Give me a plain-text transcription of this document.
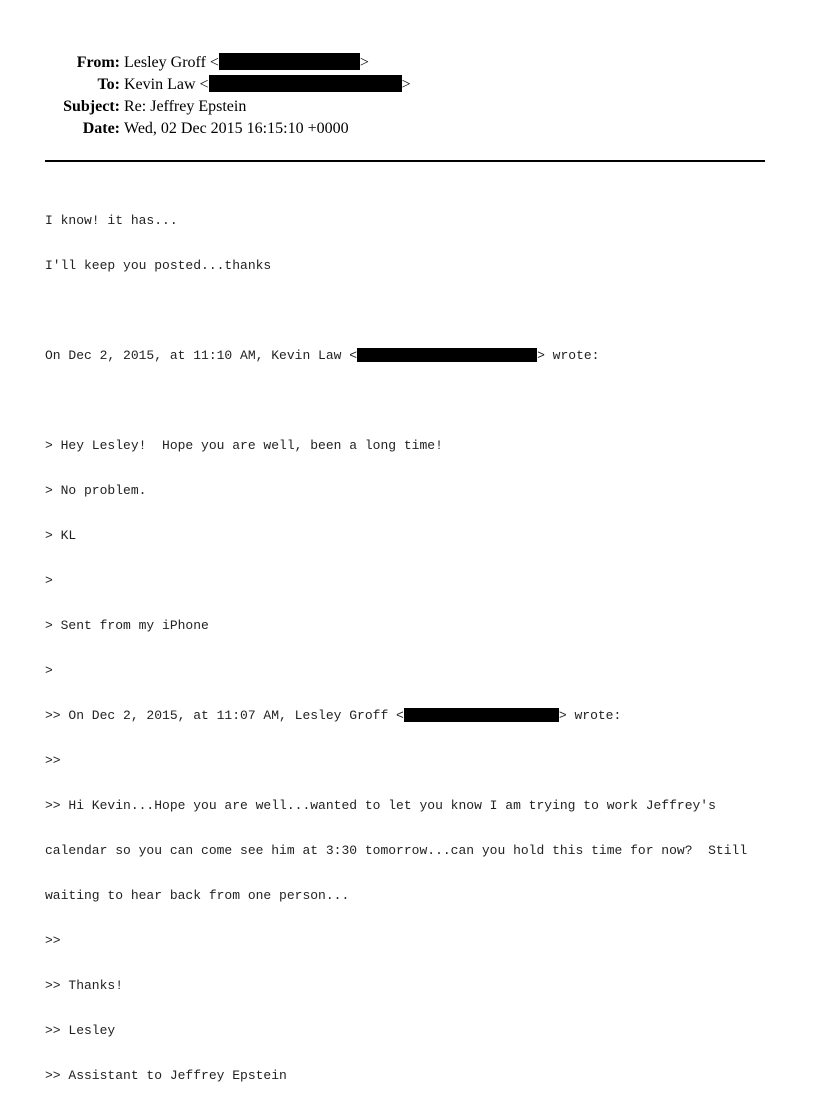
From: Lesley Groff <	>
To: Kevin Law <	>
Subject: Re: Jeffrey Epstein
Date: Wed, 02 Dec 2015 16:15:10 +0000

I know! it has...

I'll keep you posted...thanks

On Dec 2, 2015, at 11:10 AM, Kevin Law <	> wrote:

> Hey Lesley!  Hope you are well, been a long time!

> No problem.

> KL

>

> Sent from my iPhone

>

>> On Dec 2, 2015, at 11:07 AM, Lesley Groff <	> wrote:

>>

>> Hi Kevin...Hope you are well...wanted to let you know I am trying to work Jeffrey's

calendar so you can come see him at 3:30 tomorrow...can you hold this time for now?  Still

waiting to hear back from one person...

>>

>> Thanks!

>> Lesley

>> Assistant to Jeffrey Epstein
